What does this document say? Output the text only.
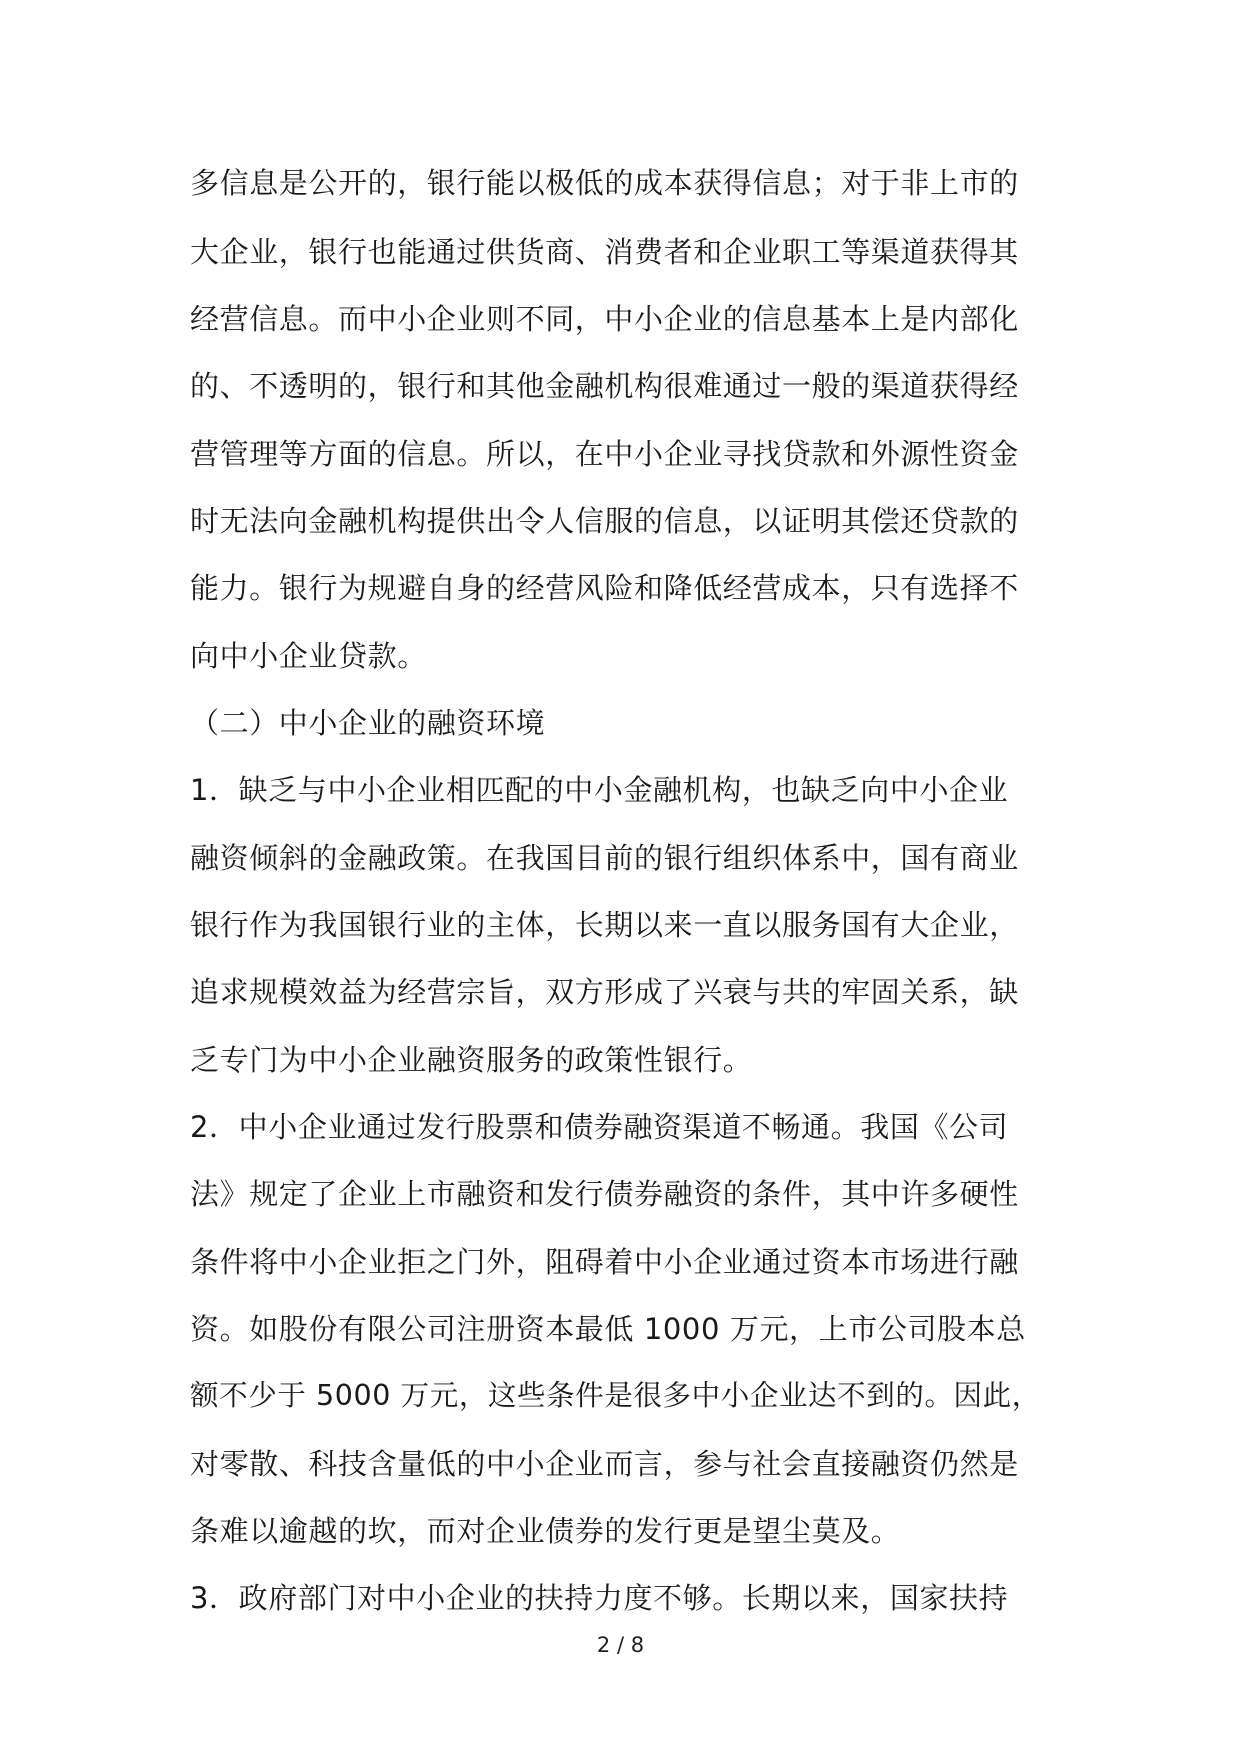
多信息是公开的，银行能以极低的成本获得信息；对于非上市的
大企业，银行也能通过供货商、消费者和企业职工等渠道获得其
经营信息。而中小企业则不同，中小企业的信息基本上是内部化
的、不透明的，银行和其他金融机构很难通过一般的渠道获得经
营管理等方面的信息。所以，在中小企业寻找贷款和外源性资金
时无法向金融机构提供出令人信服的信息，以证明其偿还贷款的
能力。银行为规避自身的经营风险和降低经营成本，只有选择不
向中小企业贷款。
（二）中小企业的融资环境
1．缺乏与中小企业相匹配的中小金融机构，也缺乏向中小企业
融资倾斜的金融政策。在我国目前的银行组织体系中，国有商业
银行作为我国银行业的主体，长期以来一直以服务国有大企业，
追求规模效益为经营宗旨，双方形成了兴衰与共的牢固关系，缺
乏专门为中小企业融资服务的政策性银行。
2．中小企业通过发行股票和债券融资渠道不畅通。我国《公司
法》规定了企业上市融资和发行债券融资的条件，其中许多硬性
条件将中小企业拒之门外，阻碍着中小企业通过资本市场进行融
资。如股份有限公司注册资本最低 1000 万元，上市公司股本总
额不少于 5000 万元，这些条件是很多中小企业达不到的。因此，
对零散、科技含量低的中小企业而言，参与社会直接融资仍然是
条难以逾越的坎，而对企业债券的发行更是望尘莫及。
3．政府部门对中小企业的扶持力度不够。长期以来，国家扶持
2 / 8
